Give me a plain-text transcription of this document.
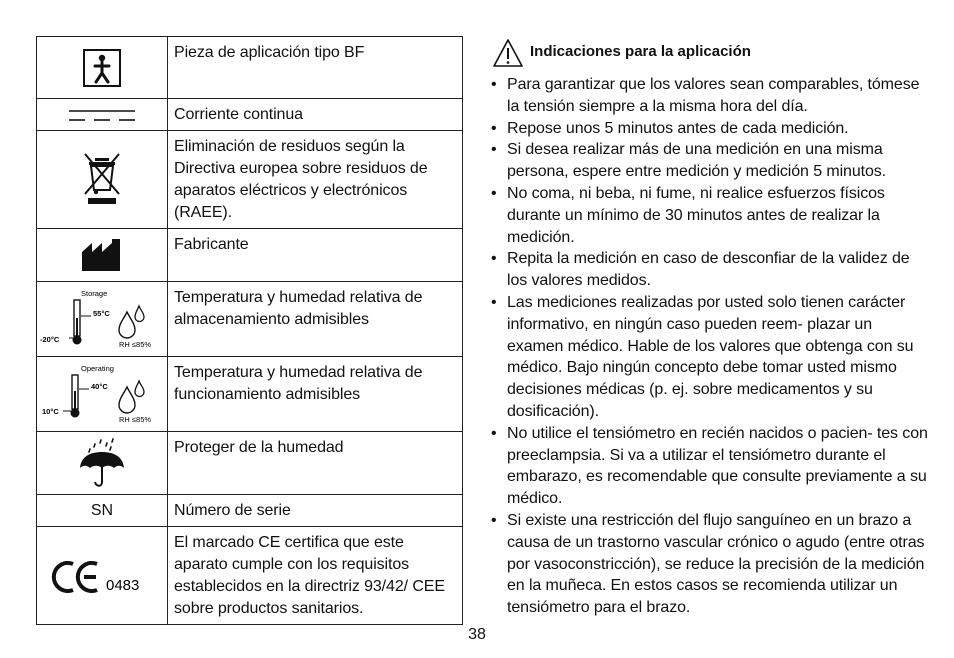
	Pieza de aplicación tipo BF

	Corriente continua

	Eliminación de residuos según la Directiva europea sobre residuos de aparatos eléctricos y electrónicos (RAEE).

	Fabricante

Storage
55°C
-20°C
RH ≤85%	Temperatura y humedad relativa de almacenamiento admisibles

Operating
40°C
10°C
RH ≤85%	Temperatura y humedad relativa de funcionamiento admisibles

	Proteger de la humedad
SN	Número de serie

0483	El marcado CE certifica que este aparato cumple con los requisitos establecidos en la directriz 93/42/ CEE sobre productos sanitarios.
Indicaciones para la aplicación
• Para garantizar que los valores sean comparables, tómese la tensión siempre a la misma hora del día.
• Reposе unos 5 minutos antes de cada medición.
• Si desea realizar más de una medición en una misma persona, espere entre medición y medición 5 minutos.
• No coma, ni beba, ni fume, ni realice esfuerzos físicos durante un mínimo de 30 minutos antes de realizar la medición.
• Repita la medición en caso de desconfiar de la validez de los valores medidos.
• Las mediciones realizadas por usted solo tienen carácter informativo, en ningún caso pueden reem- plazar un examen médico. Hable de los valores que obtenga con su médico. Bajo ningún concepto debe tomar usted mismo decisiones médicas (p. ej. sobre medicamentos y su dosificación).
• No utilice el tensiómetro en recién nacidos o pacien- tes con preeclampsia. Si va a utilizar el tensiómetro durante el embarazo, es recomendable que consulte previamente a su médico.
• Si existe una restricción del flujo sanguíneo en un brazo a causa de un trastorno vascular crónico o agudo (entre otras por vasoconstricción), se reduce la precisión de la medición en la muñeca. En estos casos se recomienda utilizar un tensiómetro para el brazo.
38
